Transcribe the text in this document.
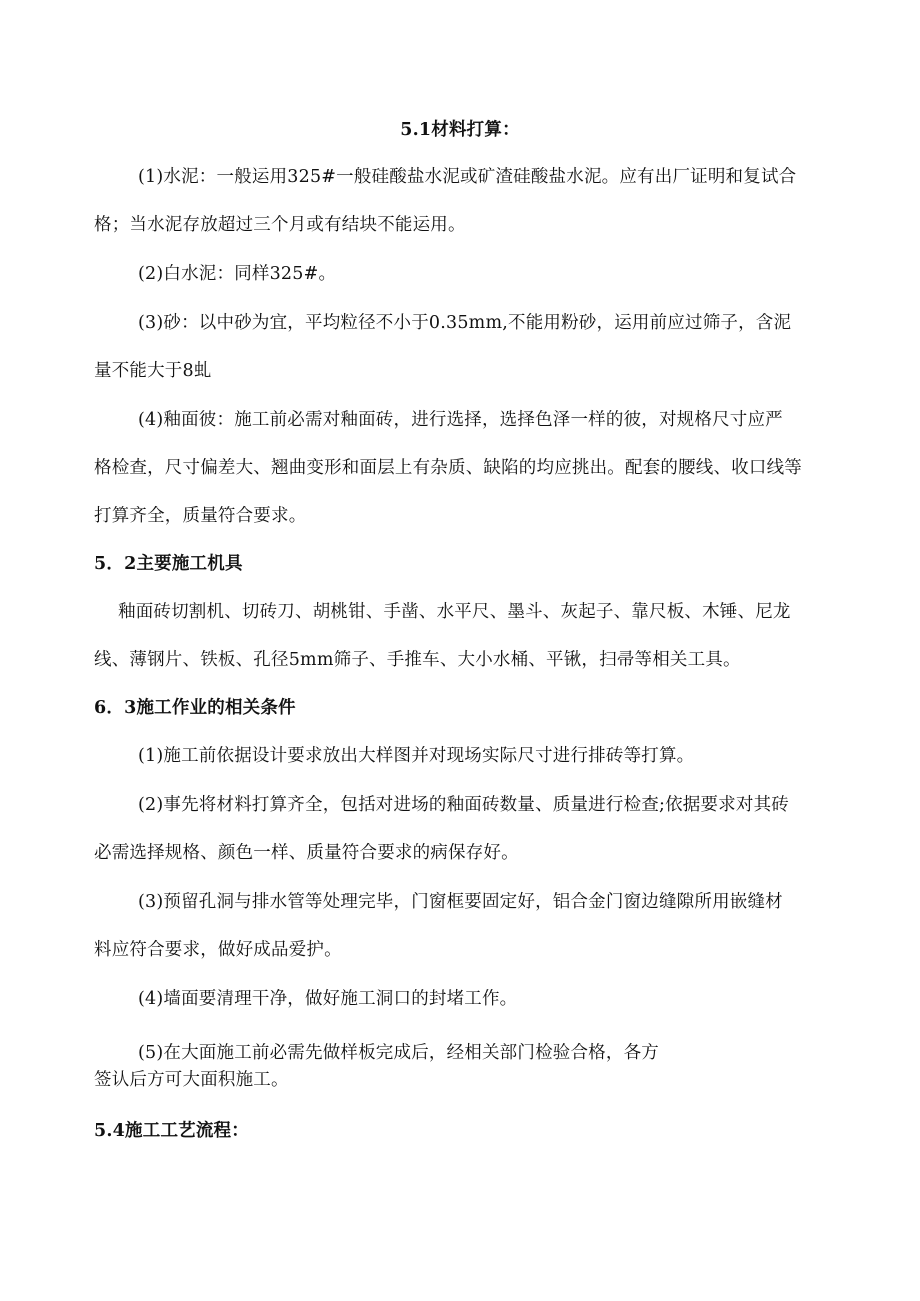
5.1材料打算：
(1)水泥：一般运用325#一般硅酸盐水泥或矿渣硅酸盐水泥。应有出厂证明和复试合
格；当水泥存放超过三个月或有结块不能运用。
(2)白水泥：同样325#。
(3)砂：以中砂为宜，平均粒径不小于0.35mm,不能用粉砂，运用前应过筛子，含泥
量不能大于8虬
(4)釉面彼：施工前必需对釉面砖，进行选择，选择色泽一样的彼，对规格尺寸应严
格检查，尺寸偏差大、翘曲变形和面层上有杂质、缺陷的均应挑出。配套的腰线、收口线等
打算齐全，质量符合要求。
5．2主要施工机具
釉面砖切割机、切砖刀、胡桃钳、手凿、水平尺、墨斗、灰起子、靠尺板、木锤、尼龙
线、薄钢片、铁板、孔径5mm筛子、手推车、大小水桶、平锹，扫帚等相关工具。
6．3施工作业的相关条件
(1)施工前依据设计要求放出大样图并对现场实际尺寸进行排砖等打算。
(2)事先将材料打算齐全，包括对进场的釉面砖数量、质量进行检查;依据要求对其砖
必需选择规格、颜色一样、质量符合要求的病保存好。
(3)预留孔洞与排水管等处理完毕，门窗框要固定好，铝合金门窗边缝隙所用嵌缝材
料应符合要求，做好成品爱护。
(4)墙面要清理干净，做好施工洞口的封堵工作。
(5)在大面施工前必需先做样板完成后，经相关部门检验合格，各方
签认后方可大面积施工。
5.4施工工艺流程：
